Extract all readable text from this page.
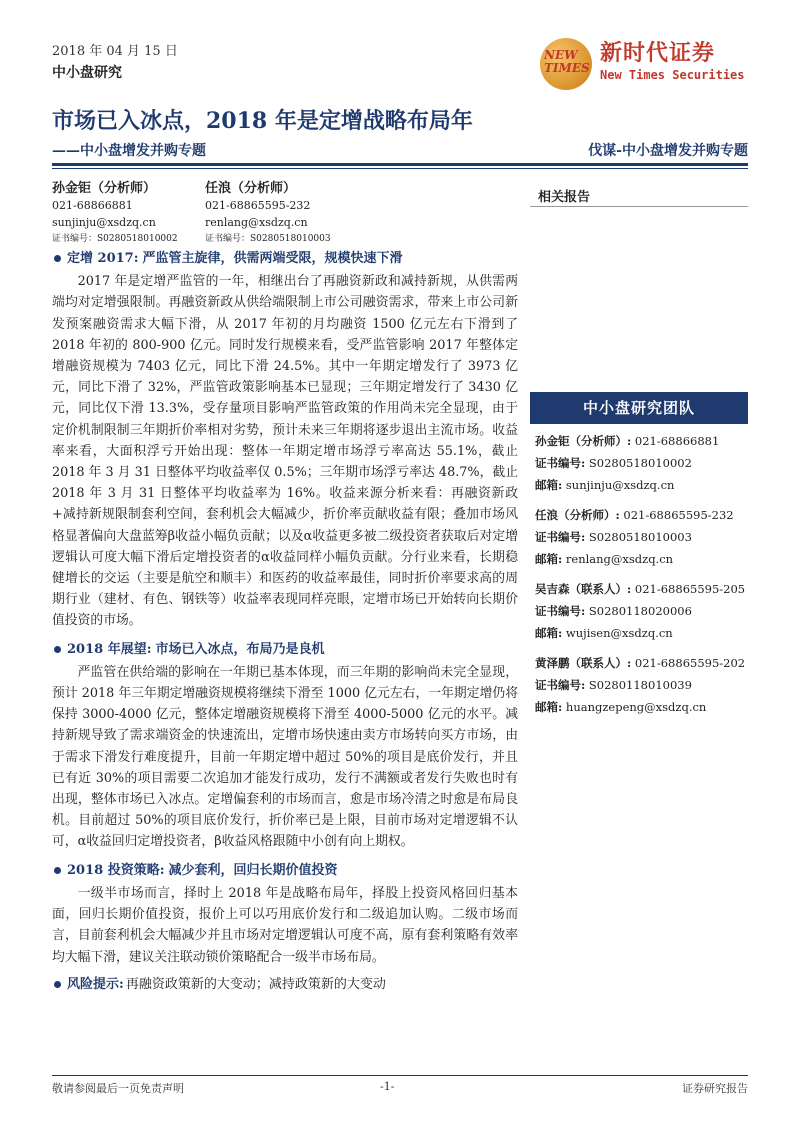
2018 年 04 月 15 日
中小盘研究
NEW
TIMES
新时代证券
New Times Securities
市场已入冰点，2018 年是定增战略布局年
——中小盘增发并购专题	伐谋-中小盘增发并购专题
孙金钜（分析师）
021-68866881
sunjinju@xsdzq.cn
证书编号：S0280518010002
任浪（分析师）
021-68865595-232
renlang@xsdzq.cn
证书编号：S0280518010003
相关报告
定增 2017: 严监管主旋律，供需两端受限，规模快速下滑

2017 年是定增严监管的一年，相继出台了再融资新政和减持新规，从供需两端均对定增强限制。再融资新政从供给端限制上市公司融资需求，带来上市公司新发预案融资需求大幅下滑，从 2017 年初的月均融资 1500 亿元左右下滑到了 2018 年初的 800-900 亿元。同时发行规模来看，受严监管影响 2017 年整体定增融资规模为 7403 亿元，同比下滑 24.5%。其中一年期定增发行了 3973 亿元，同比下滑了 32%，严监管政策影响基本已显现；三年期定增发行了 3430 亿元，同比仅下滑 13.3%，受存量项目影响严监管政策的作用尚未完全显现，由于定价机制限制三年期折价率相对劣势，预计未来三年期将逐步退出主流市场。收益率来看，大面积浮亏开始出现：整体一年期定增市场浮亏率高达 55.1%，截止 2018 年 3 月 31 日整体平均收益率仅 0.5%；三年期市场浮亏率达 48.7%，截止 2018 年 3 月 31 日整体平均收益率为 16%。收益来源分析来看：再融资新政+减持新规限制套利空间，套利机会大幅减少，折价率贡献收益有限；叠加市场风格显著偏向大盘蓝筹β收益小幅负贡献；以及α收益更多被二级投资者获取后对定增逻辑认可度大幅下滑后定增投资者的α收益同样小幅负贡献。分行业来看，长期稳健增长的交运（主要是航空和顺丰）和医药的收益率最佳，同时折价率要求高的周期行业（建材、有色、钢铁等）收益率表现同样亮眼，定增市场已开始转向长期价值投资的市场。

2018 年展望: 市场已入冰点，布局乃是良机

严监管在供给端的影响在一年期已基本体现，而三年期的影响尚未完全显现，预计 2018 年三年期定增融资规模将继续下滑至 1000 亿元左右，一年期定增仍将保持 3000-4000 亿元，整体定增融资规模将下滑至 4000-5000 亿元的水平。减持新规导致了需求端资金的快速流出，定增市场快速由卖方市场转向买方市场，由于需求下滑发行难度提升，目前一年期定增中超过 50%的项目是底价发行，并且已有近 30%的项目需要二次追加才能发行成功，发行不满额或者发行失败也时有出现，整体市场已入冰点。定增偏套利的市场而言，愈是市场冷清之时愈是布局良机。目前超过 50%的项目底价发行，折价率已是上限，目前市场对定增逻辑不认可，α收益回归定增投资者，β收益风格跟随中小创有向上期权。

2018 投资策略: 减少套利，回归长期价值投资

一级半市场而言，择时上 2018 年是战略布局年，择股上投资风格回归基本面，回归长期价值投资，报价上可以巧用底价发行和二级追加认购。二级市场而言，目前套利机会大幅减少并且市场对定增逻辑认可度不高，原有套利策略有效率均大幅下滑，建议关注联动锁价策略配合一级半市场布局。

风险提示: 再融资政策新的大变动；减持政策新的大变动
中小盘研究团队
孙金钜（分析师）: 021-68866881
证书编号: S0280518010002
邮箱: sunjinju@xsdzq.cn
任浪（分析师）: 021-68865595-232
证书编号: S0280518010003
邮箱: renlang@xsdzq.cn
吴吉森（联系人）: 021-68865595-205
证书编号: S0280118020006
邮箱: wujisen@xsdzq.cn
黄泽鹏（联系人）: 021-68865595-202
证书编号: S0280118010039
邮箱: huangzepeng@xsdzq.cn
敬请参阅最后一页免责声明	-1-	证券研究报告
